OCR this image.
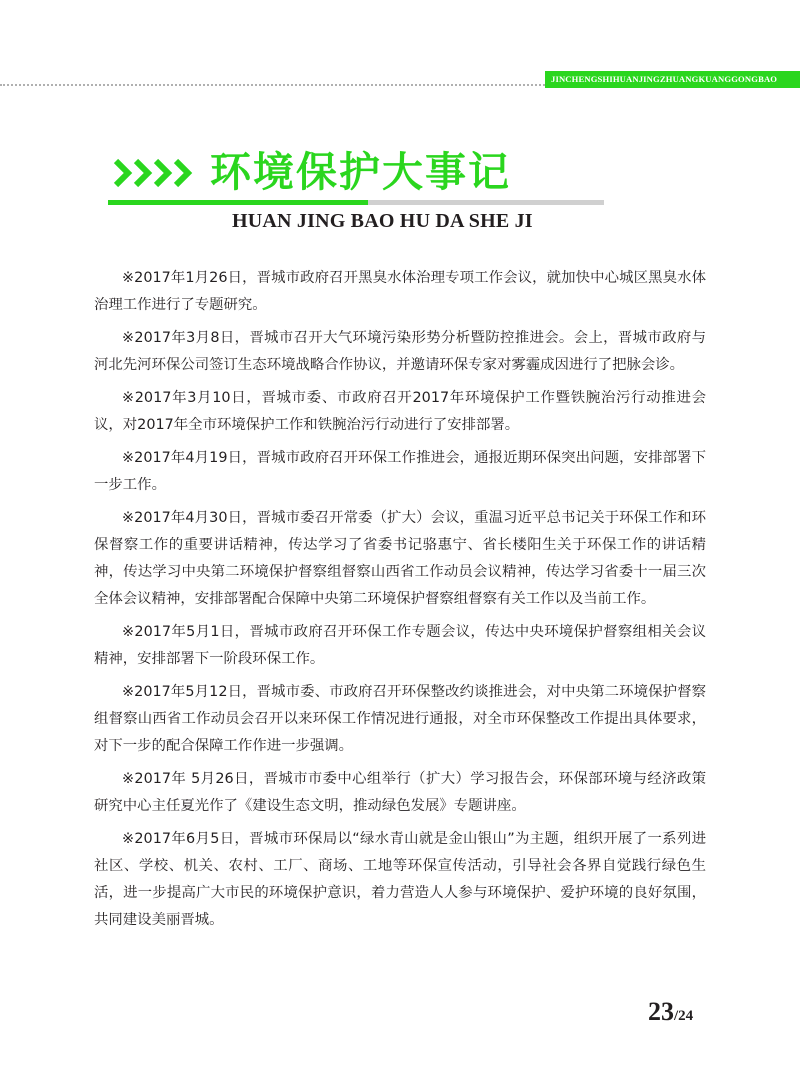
JINCHENGSHIHUANJINGZHUANGKUANGGONGBAO
环境保护大事记
HUAN JING BAO HU DA SHE JI

※2017年1月26日，晋城市政府召开黑臭水体治理专项工作会议，就加快中心城区黑臭水体治理工作进行了专题研究。

※2017年3月8日，晋城市召开大气环境污染形势分析暨防控推进会。会上，晋城市政府与河北先河环保公司签订生态环境战略合作协议，并邀请环保专家对雾霾成因进行了把脉会诊。

※2017年3月10日，晋城市委、市政府召开2017年环境保护工作暨铁腕治污行动推进会议，对2017年全市环境保护工作和铁腕治污行动进行了安排部署。

※2017年4月19日，晋城市政府召开环保工作推进会，通报近期环保突出问题，安排部署下一步工作。

※2017年4月30日，晋城市委召开常委（扩大）会议，重温习近平总书记关于环保工作和环保督察工作的重要讲话精神，传达学习了省委书记骆惠宁、省长楼阳生关于环保工作的讲话精神，传达学习中央第二环境保护督察组督察山西省工作动员会议精神，传达学习省委十一届三次全体会议精神，安排部署配合保障中央第二环境保护督察组督察有关工作以及当前工作。

※2017年5月1日，晋城市政府召开环保工作专题会议，传达中央环境保护督察组相关会议精神，安排部署下一阶段环保工作。

※2017年5月12日，晋城市委、市政府召开环保整改约谈推进会，对中央第二环境保护督察组督察山西省工作动员会召开以来环保工作情况进行通报，对全市环保整改工作提出具体要求，对下一步的配合保障工作作进一步强调。

※2017年 5月26日，晋城市市委中心组举行（扩大）学习报告会，环保部环境与经济政策研究中心主任夏光作了《建设生态文明，推动绿色发展》专题讲座。

※2017年6月5日，晋城市环保局以“绿水青山就是金山银山”为主题，组织开展了一系列进社区、学校、机关、农村、工厂、商场、工地等环保宣传活动，引导社会各界自觉践行绿色生活，进一步提高广大市民的环境保护意识，着力营造人人参与环境保护、爱护环境的良好氛围，共同建设美丽晋城。

23/24
